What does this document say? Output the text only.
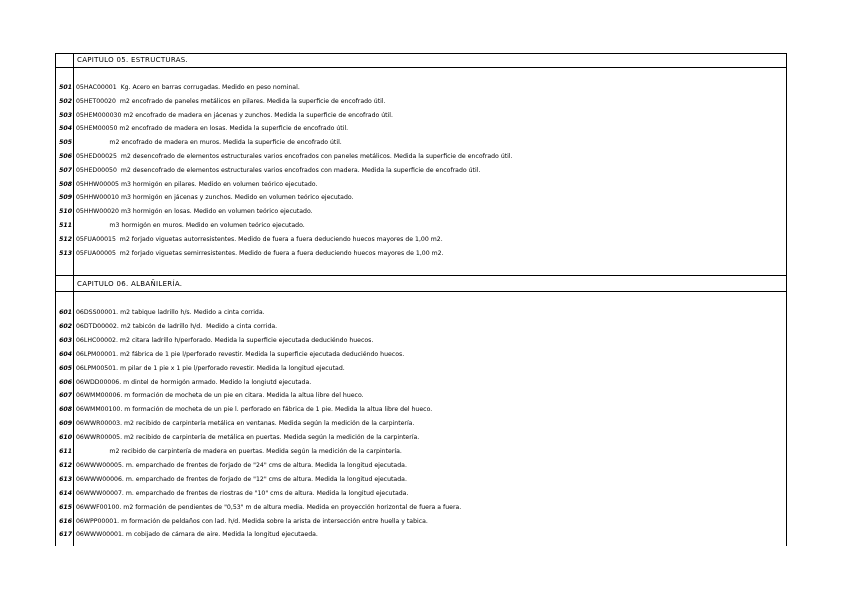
CAPITULO 05. ESTRUCTURAS.
501 05HAC00001  Kg. Acero en barras corrugadas. Medido en peso nominal.
502 05HET00020  m2 encofrado de paneles metálicos en pilares. Medida la superficie de encofrado útil.
503 05HEM000030 m2 encofrado de madera en jácenas y zunchos. Medida la superficie de encofrado útil.
504 05HEM00050 m2 encofrado de madera en losas. Medida la superficie de encofrado útil.
505 m2 encofrado de madera en muros. Medida la superficie de encofrado útil.
506 05HED00025  m2 desencofrado de elementos estructurales varios encofrados con paneles metálicos. Medida la superficie de encofrado útil.
507 05HED00050  m2 desencofrado de elementos estructurales varios encofrados con madera. Medida la superficie de encofrado útil.
508 05HHW00005 m3 hormigón en pilares. Medido en volumen teórico ejecutado.
509 05HHW00010 m3 hormigón en jácenas y zunchos. Medido en volumen teórico ejecutado.
510 05HHW00020 m3 hormigón en losas. Medido en volumen teórico ejecutado.
511 m3 hormigón en muros. Medido en volumen teórico ejecutado.
512 05FUA00015  m2 forjado viguetas autorresistentes. Medido de fuera a fuera deduciendo huecos mayores de 1,00 m2.
513 05FUA00005  m2 forjado viguetas semirresistentes. Medido de fuera a fuera deduciendo huecos mayores de 1,00 m2.
CAPITULO 06. ALBAÑILERÍA.
601 06DSS00001. m2 tabique ladrillo h/s. Medido a cinta corrida.
602 06DTD00002. m2 tabicón de ladrillo h/d.  Medido a cinta corrida.
603 06LHC00002. m2 citara ladrillo h/perforado. Medida la superficie ejecutada deduciéndo huecos.
604 06LPM00001. m2 fábrica de 1 pie l/perforado revestir. Medida la superficie ejecutada deduciéndo huecos.
605 06LPM00501. m pilar de 1 pie x 1 pie l/perforado revestir. Medida la longitud ejecutad.
606 06WDD00006. m dintel de hormigón armado. Medido la longiutd ejecutada.
607 06WMM00006. m formación de mocheta de un pie en citara. Medida la altua libre del hueco.
608 06WMM00100. m formación de mocheta de un pie l. perforado en fábrica de 1 pie. Medida la altua libre del hueco.
609 06WWR00003. m2 recibido de carpintería metálica en ventanas. Medida según la medición de la carpintería.
610 06WWR00005. m2 recibido de carpintería de metálica en puertas. Medida según la medición de la carpintería.
611 m2 recibido de carpintería de madera en puertas. Medida según la medición de la carpintería.
612 06WWW00005. m. emparchado de frentes de forjado de "24" cms de altura. Medida la longitud ejecutada.
613 06WWW00006. m. emparchado de frentes de forjado de "12" cms de altura. Medida la longitud ejecutada.
614 06WWW00007. m. emparchado de frentes de riostras de "10" cms de altura. Medida la longitud ejecutada.
615 06WWF00100. m2 formación de pendientes de "0,53" m de altura media. Medida en proyección horizontal de fuera a fuera.
616 06WPP00001. m formación de peldaños con lad. h/d. Medida sobre la arista de intersección entre huella y tabica.
617 06WWW00001. m cobijado de cámara de aire. Medida la longitud ejecutaeda.
